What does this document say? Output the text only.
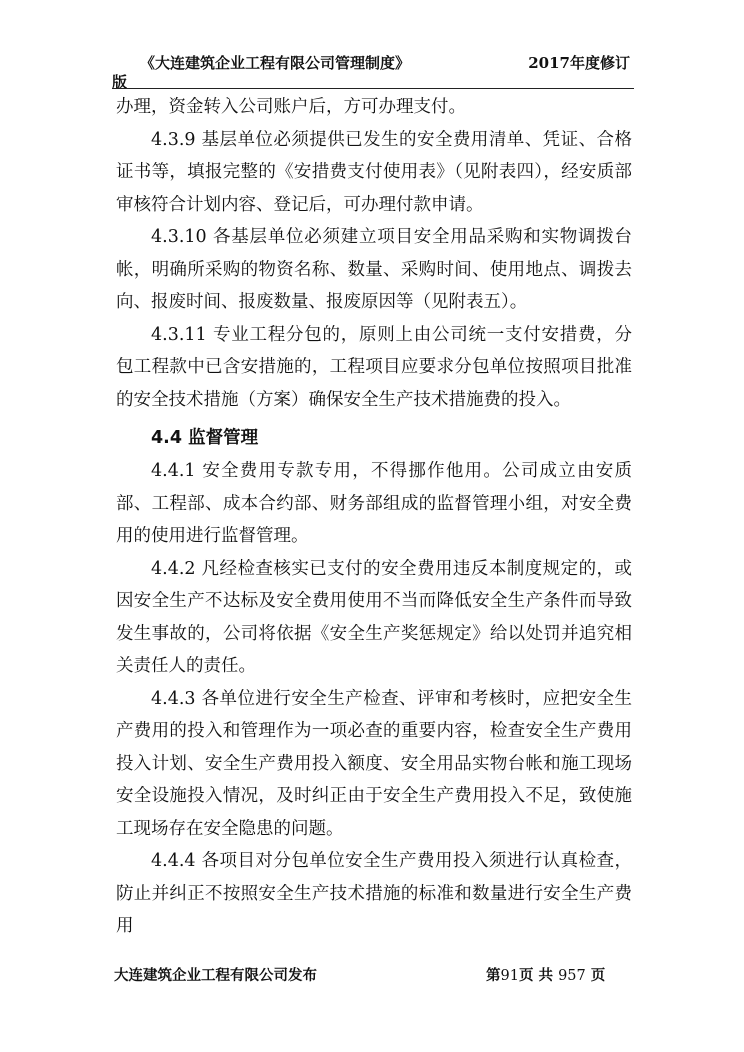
《大连建筑企业工程有限公司管理制度》	2017年度修订
版

办理，资金转入公司账户后，方可办理支付。

4.3.9 基层单位必须提供已发生的安全费用清单、凭证、合格证书等，填报完整的《安措费支付使用表》（见附表四），经安质部审核符合计划内容、登记后，可办理付款申请。

4.3.10 各基层单位必须建立项目安全用品采购和实物调拨台帐，明确所采购的物资名称、数量、采购时间、使用地点、调拨去向、报废时间、报废数量、报废原因等（见附表五）。

4.3.11 专业工程分包的，原则上由公司统一支付安措费，分包工程款中已含安措施的，工程项目应要求分包单位按照项目批准的安全技术措施（方案）确保安全生产技术措施费的投入。

4.4 监督管理

4.4.1 安全费用专款专用，不得挪作他用。公司成立由安质部、工程部、成本合约部、财务部组成的监督管理小组，对安全费用的使用进行监督管理。

4.4.2 凡经检查核实已支付的安全费用违反本制度规定的，或因安全生产不达标及安全费用使用不当而降低安全生产条件而导致发生事故的，公司将依据《安全生产奖惩规定》给以处罚并追究相关责任人的责任。

4.4.3 各单位进行安全生产检查、评审和考核时，应把安全生产费用的投入和管理作为一项必查的重要内容，检查安全生产费用投入计划、安全生产费用投入额度、安全用品实物台帐和施工现场安全设施投入情况，及时纠正由于安全生产费用投入不足，致使施工现场存在安全隐患的问题。

4.4.4 各项目对分包单位安全生产费用投入须进行认真检查，防止并纠正不按照安全生产技术措施的标准和数量进行安全生产费用

大连建筑企业工程有限公司发布	第91页 共 957 页
